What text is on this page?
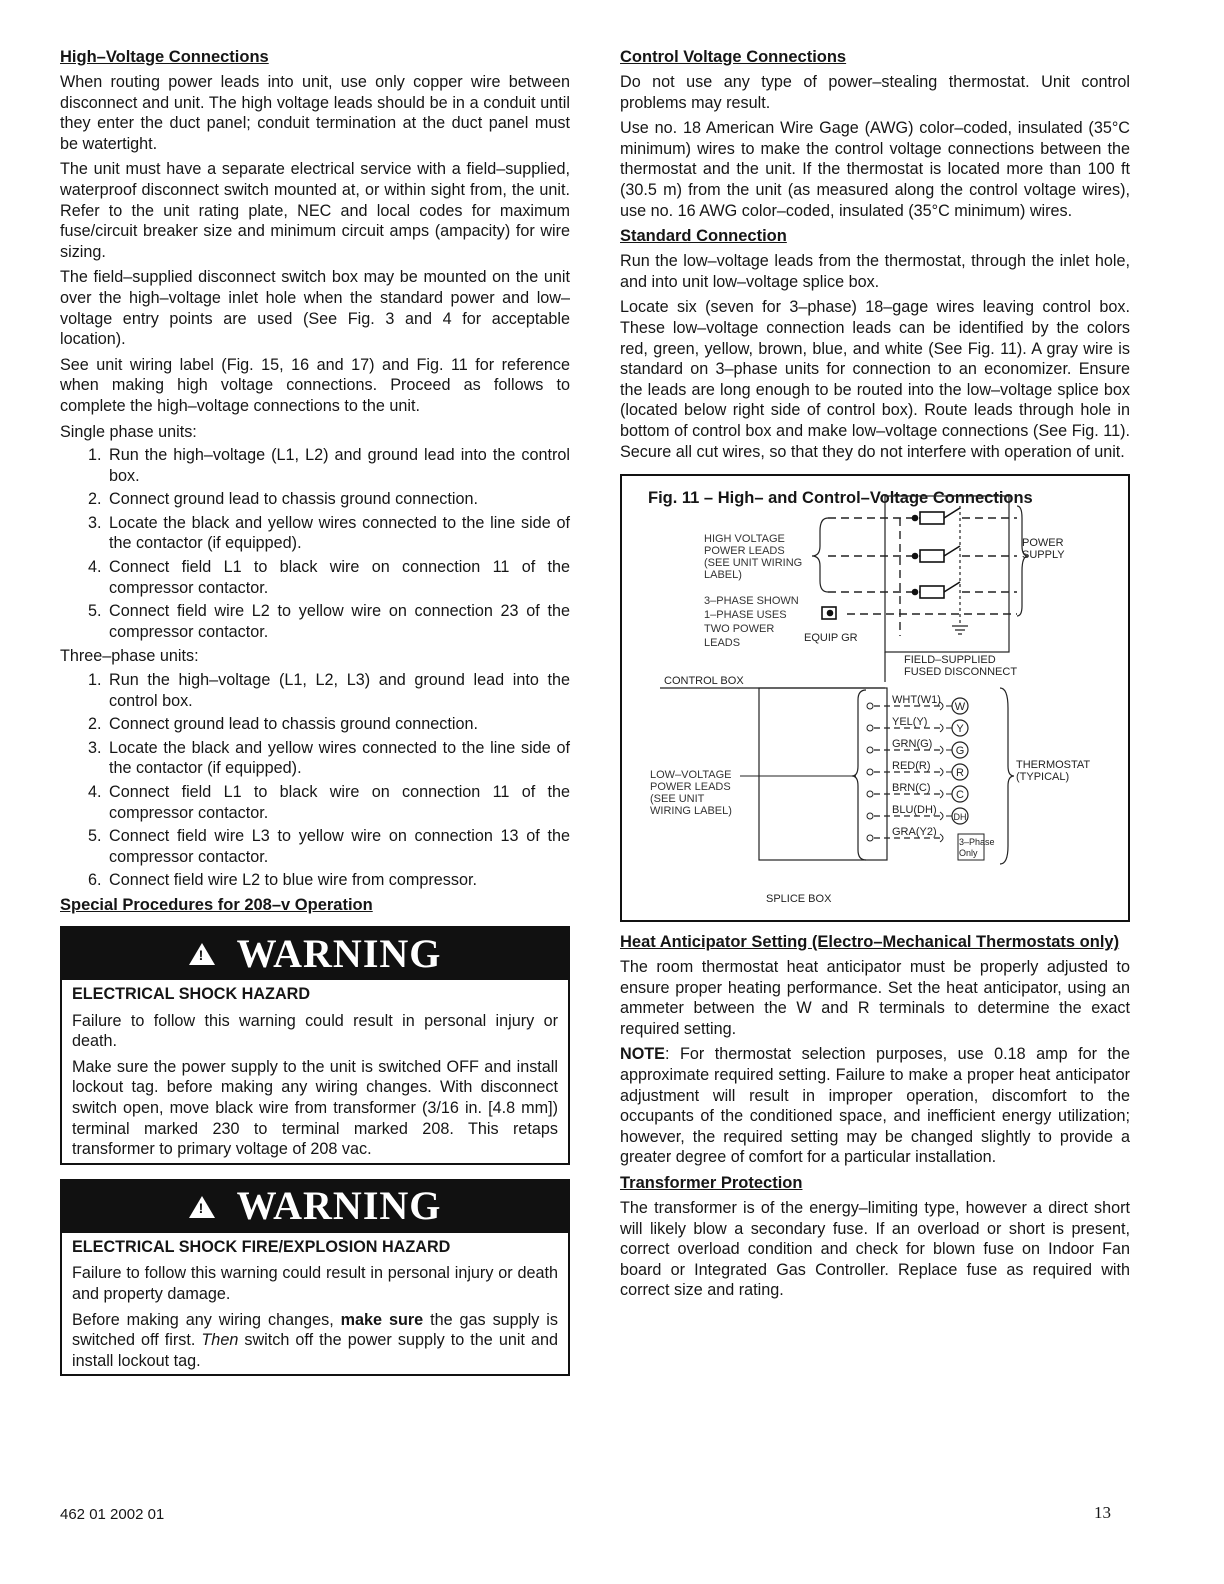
High–Voltage Connections

When routing power leads into unit, use only copper wire between disconnect and unit. The high voltage leads should be in a conduit until they enter the duct panel; conduit termination at the duct panel must be watertight.

The unit must have a separate electrical service with a field–supplied, waterproof disconnect switch mounted at, or within sight from, the unit. Refer to the unit rating plate, NEC and local codes for maximum fuse/circuit breaker size and minimum circuit amps (ampacity) for wire sizing.

The field–supplied disconnect switch box may be mounted on the unit over the high–voltage inlet hole when the standard power and low–voltage entry points are used (See Fig. 3 and 4 for acceptable location).

See unit wiring label (Fig. 15, 16 and 17) and Fig. 11 for reference when making high voltage connections. Proceed as follows to complete the high–voltage connections to the unit.

Single phase units:

1. Run the high–voltage (L1, L2) and ground lead into the control box.
2. Connect ground lead to chassis ground connection.
3. Locate the black and yellow wires connected to the line side of the contactor (if equipped).
4. Connect field L1 to black wire on connection 11 of the compressor contactor.
5. Connect field wire L2 to yellow wire on connection 23 of the compressor contactor.

Three–phase units:

1. Run the high–voltage (L1, L2, L3) and ground lead into the control box.
2. Connect ground lead to chassis ground connection.
3. Locate the black and yellow wires connected to the line side of the contactor (if equipped).
4. Connect field L1 to black wire on connection 11 of the compressor contactor.
5. Connect field wire L3 to yellow wire on connection 13 of the compressor contactor.
6. Connect field wire L2 to blue wire from compressor.
Special Procedures for 208–v Operation
! WARNING
ELECTRICAL SHOCK HAZARD

Failure to follow this warning could result in personal injury or death.

Make sure the power supply to the unit is switched OFF and install lockout tag. before making any wiring changes. With disconnect switch open, move black wire from transformer (3/16 in. [4.8 mm]) terminal marked 230 to terminal marked 208. This retaps transformer to primary voltage of 208 vac.

! WARNING
ELECTRICAL SHOCK FIRE/EXPLOSION HAZARD

Failure to follow this warning could result in personal injury or death and property damage.

Before making any wiring changes, make sure the gas supply is switched off first. Then switch off the power supply to the unit and install lockout tag.

Control Voltage Connections

Do not use any type of power–stealing thermostat. Unit control problems may result.

Use no. 18 American Wire Gage (AWG) color–coded, insulated (35°C minimum) wires to make the control voltage connections between the thermostat and the unit. If the thermostat is located more than 100 ft (30.5 m) from the unit (as measured along the control voltage wires), use no. 16 AWG color–coded, insulated (35°C minimum) wires.

Standard Connection

Run the low–voltage leads from the thermostat, through the inlet hole, and into unit low–voltage splice box.

Locate six (seven for 3–phase) 18–gage wires leaving control box. These low–voltage connection leads can be identified by the colors red, green, yellow, brown, blue, and white (See Fig. 11). A gray wire is standard on 3–phase units for connection to an economizer. Ensure the leads are long enough to be routed into the low–voltage splice box (located below right side of control box). Route leads through hole in bottom of control box and make low–voltage connections (See Fig. 11). Secure all cut wires, so that they do not interfere with operation of unit.

Fig. 11 – High– and Control–Voltage Connections
HIGH VOLTAGE
POWER LEADS
(SEE UNIT WIRING
LABEL)
3–PHASE SHOWN
1–PHASE USES
TWO POWER
LEADS	EQUIP GR
POWER
SUPPLY
FIELD–SUPPLIED
FUSED DISCONNECT
CONTROL BOX
LOW–VOLTAGE
POWER LEADS
(SEE UNIT
WIRING LABEL)
WHT(W1)
W
YEL(Y)
Y
GRN(G)
G
RED(R)
R
BRN(C)
C
BLU(DH)
DH
GRA(Y2)
3–Phase
Only
THERMOSTAT
(TYPICAL)
SPLICE BOX
Heat Anticipator Setting (Electro–Mechanical Thermostats only)

The room thermostat heat anticipator must be properly adjusted to ensure proper heating performance. Set the heat anticipator, using an ammeter between the W and R terminals to determine the exact required setting.

NOTE: For thermostat selection purposes, use 0.18 amp for the approximate required setting. Failure to make a proper heat anticipator adjustment will result in improper operation, discomfort to the occupants of the conditioned space, and inefficient energy utilization; however, the required setting may be changed slightly to provide a greater degree of comfort for a particular installation.

Transformer Protection

The transformer is of the energy–limiting type, however a direct short will likely blow a secondary fuse. If an overload or short is present, correct overload condition and check for blown fuse on Indoor Fan board or Integrated Gas Controller. Replace fuse as required with correct size and rating.

462 01 2002 01	13
